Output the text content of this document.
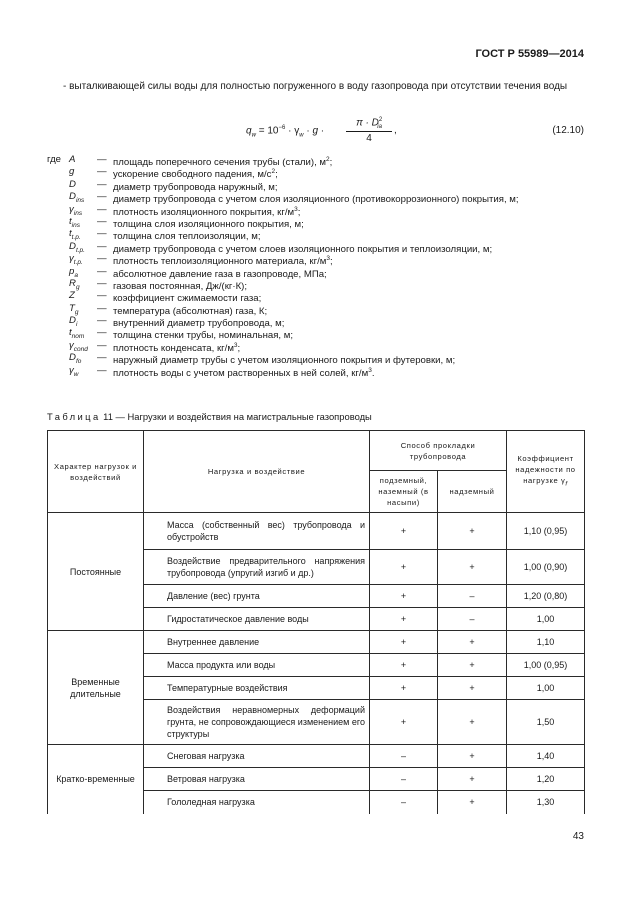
ГОСТ Р 55989—2014
- выталкивающей силы воды для полностью погруженного в воду газопровода при отсутствии течения воды
$q_w = 10^{-6} \cdot \gamma_w \cdot g \cdot \frac{\pi \cdot D^2_{ia}}{4}$ ,	(12.10)
где A — площадь поперечного сечения трубы (стали), $м^2$;
g — ускорение свободного падения, $м/с^2$;
D — диаметр трубопровода наружный, м;
$D_{ins}$ — диаметр трубопровода с учетом слоя изоляционного (противокоррозионного) покрытия, м;
$\gamma_{ins}$ — плотность изоляционного покрытия, $кг/м^3$;
$t_{ins}$ — толщина слоя изоляционного покрытия, м;
$t_{t.p.}$ — толщина слоя теплоизоляции, м;
$D_{t.p.}$ — диаметр трубопровода с учетом слоев изоляционного покрытия и теплоизоляции, м;
$\gamma_{t.p.}$ — плотность теплоизоляционного материала, $кг/м^3$;
$p_a$ — абсолютное давление газа в газопроводе, МПа;
$R_g$ — газовая постоянная, Дж/(кг·К);
Z — коэффициент сжимаемости газа;
$T_g$ — температура (абсолютная) газа, К;
$D_i$ — внутренний диаметр трубопровода, м;
$t_{nom}$ — толщина стенки трубы, номинальная, м;
$\gamma_{cond}$ — плотность конденсата, $кг/м^3$;
$D_{fo}$ — наружный диаметр трубы с учетом изоляционного покрытия и футеровки, м;
$\gamma_w$ — плотность воды с учетом растворенных в ней солей, $кг/м^3$.
Таблица 11 — Нагрузки и воздействия на магистральные газопроводы
Характер нагрузок и воздействий	Нагрузка и воздействие	Способ прокладки трубопровода		Коэффициент надежности по нагрузке $\gamma_f$
		подземный, наземный (в насыпи)	надземный	
Постоянные	Масса (собственный вес) трубопровода и обустройств	+	+	1,10 (0,95)
	Воздействие предварительного напряжения трубопровода (упругий изгиб и др.)	+	+	1,00 (0,90)
	Давление (вес) грунта	+	–	1,20 (0,80)
	Гидростатическое давление воды	+	–	1,00
Временные длительные	Внутреннее давление	+	+	1,10
	Масса продукта или воды	+	+	1,00 (0,95)
	Температурные воздействия	+	+	1,00
	Воздействия неравномерных деформаций грунта, не сопровождающиеся изменением его структуры	+	+	1,50
Кратко-временные	Снеговая нагрузка	–	+	1,40
	Ветровая нагрузка	–	+	1,20
	Гололедная нагрузка	–	+	1,30
43
